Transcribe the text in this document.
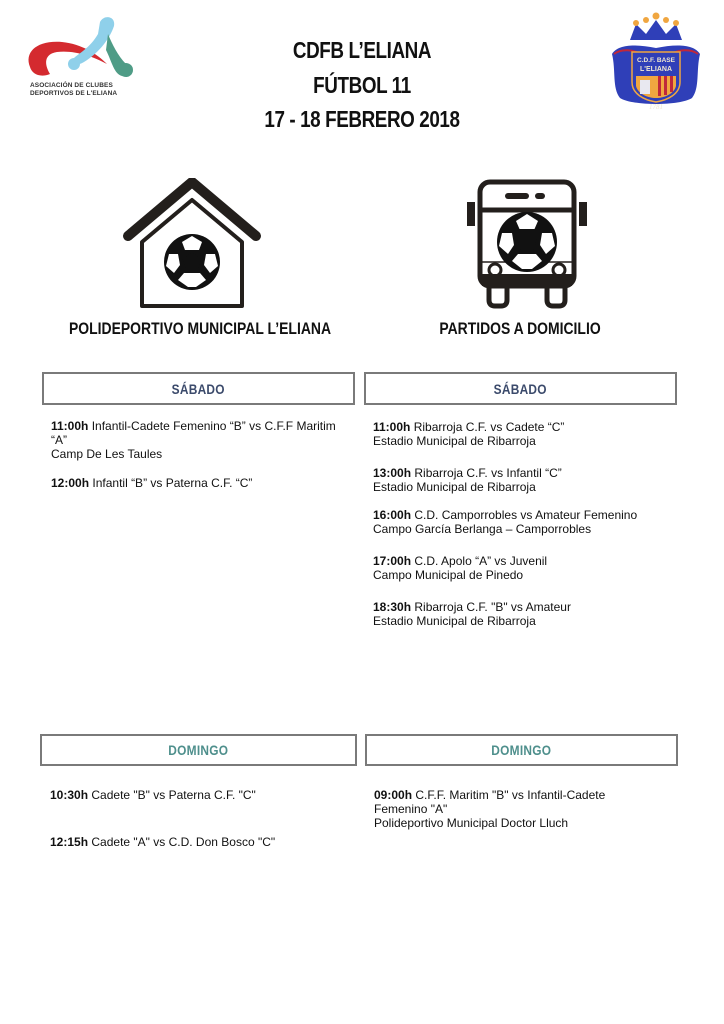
ASOCIACIÓN DE CLUBES
DEPORTIVOS DE L'ELIANA
CDFB L’ELIANA
FÚTBOL 11
17 - 18 FEBRERO 2018
C.D.F. BASE
L'ELIANA
1781
POLIDEPORTIVO MUNICIPAL L’ELIANA	PARTIDOS A DOMICILIO
SÁBADO	SÁBADO
11:00h Infantil-Cadete Femenino “B” vs C.F.F Maritim
“A”
Camp De Les Taules
12:00h Infantil “B” vs Paterna C.F. “C”
11:00h Ribarroja C.F. vs Cadete “C”
Estadio Municipal de Ribarroja
13:00h Ribarroja C.F. vs Infantil “C”
Estadio Municipal de Ribarroja
16:00h C.D. Camporrobles vs Amateur Femenino
Campo García Berlanga – Camporrobles
17:00h C.D. Apolo “A” vs Juvenil
Campo Municipal de Pinedo
18:30h Ribarroja C.F. "B" vs Amateur
Estadio Municipal de Ribarroja
DOMINGO	DOMINGO
10:30h Cadete "B" vs Paterna C.F. "C"
12:15h Cadete "A" vs C.D. Don Bosco "C"
09:00h C.F.F. Maritim "B" vs Infantil-Cadete
Femenino "A"
Polideportivo Municipal Doctor Lluch
